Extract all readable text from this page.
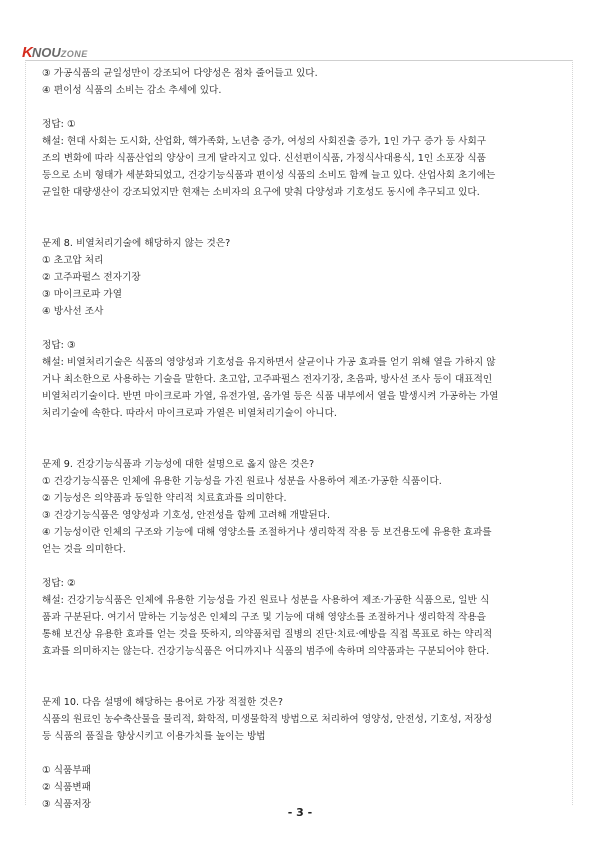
KNOUZONE
③ 가공식품의 균일성만이 강조되어 다양성은 점차 줄어들고 있다.
④ 편이성 식품의 소비는 감소 추세에 있다.
정답: ①
해설: 현대 사회는 도시화, 산업화, 핵가족화, 노년층 증가, 여성의 사회진출 증가, 1인 가구 증가 등 사회구
조의 변화에 따라 식품산업의 양상이 크게 달라지고 있다. 신선편이식품, 가정식사대용식, 1인 소포장 식품
등으로 소비 형태가 세분화되었고, 건강기능식품과 편이성 식품의 소비도 함께 늘고 있다. 산업사회 초기에는
균일한 대량생산이 강조되었지만 현재는 소비자의 요구에 맞춰 다양성과 기호성도 동시에 추구되고 있다.
문제 8. 비열처리기술에 해당하지 않는 것은?
① 초고압 처리
② 고주파펄스 전자기장
③ 마이크로파 가열
④ 방사선 조사
정답: ③
해설: 비열처리기술은 식품의 영양성과 기호성을 유지하면서 살균이나 가공 효과를 얻기 위해 열을 가하지 않
거나 최소한으로 사용하는 기술을 말한다. 초고압, 고주파펄스 전자기장, 초음파, 방사선 조사 등이 대표적인
비열처리기술이다. 반면 마이크로파 가열, 유전가열, 옴가열 등은 식품 내부에서 열을 발생시켜 가공하는 가열
처리기술에 속한다. 따라서 마이크로파 가열은 비열처리기술이 아니다.
문제 9. 건강기능식품과 기능성에 대한 설명으로 옳지 않은 것은?
① 건강기능식품은 인체에 유용한 기능성을 가진 원료나 성분을 사용하여 제조·가공한 식품이다.
② 기능성은 의약품과 동일한 약리적 치료효과를 의미한다.
③ 건강기능식품은 영양성과 기호성, 안전성을 함께 고려해 개발된다.
④ 기능성이란 인체의 구조와 기능에 대해 영양소를 조절하거나 생리학적 작용 등 보건용도에 유용한 효과를
얻는 것을 의미한다.
정답: ②
해설: 건강기능식품은 인체에 유용한 기능성을 가진 원료나 성분을 사용하여 제조·가공한 식품으로, 일반 식
품과 구분된다. 여기서 말하는 기능성은 인체의 구조 및 기능에 대해 영양소를 조절하거나 생리학적 작용을
통해 보건상 유용한 효과를 얻는 것을 뜻하지, 의약품처럼 질병의 진단·치료·예방을 직접 목표로 하는 약리적
효과를 의미하지는 않는다. 건강기능식품은 어디까지나 식품의 범주에 속하며 의약품과는 구분되어야 한다.
문제 10. 다음 설명에 해당하는 용어로 가장 적절한 것은?
식품의 원료인 농수축산물을 물리적, 화학적, 미생물학적 방법으로 처리하여 영양성, 안전성, 기호성, 저장성
등 식품의 품질을 향상시키고 이용가치를 높이는 방법
① 식품부패
② 식품변패
③ 식품저장
- 3 -
